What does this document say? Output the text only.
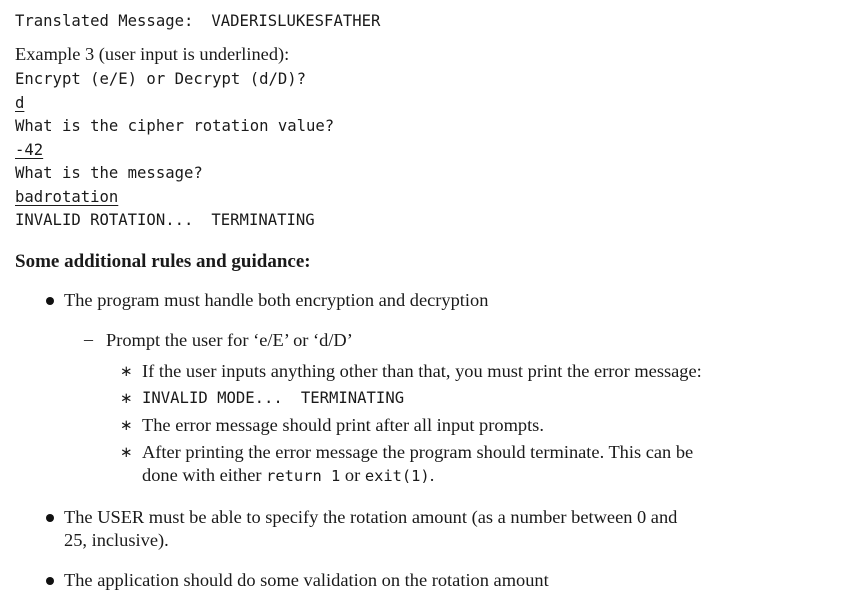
Translated Message: VADERISLUKESFATHER
Example 3 (user input is underlined):
Encrypt (e/E) or Decrypt (d/D)?
d
What is the cipher rotation value?
-42
What is the message?
badrotation
INVALID ROTATION... TERMINATING
Some additional rules and guidance:
The program must handle both encryption and decryption
– Prompt the user for ‘e/E’ or ‘d/D’
∗ If the user inputs anything other than that, you must print the error message:
∗ INVALID MODE... TERMINATING
∗ The error message should print after all input prompts.
∗ After printing the error message the program should terminate. This can be
done with either return 1 or exit(1).
The USER must be able to specify the rotation amount (as a number between 0 and
25, inclusive).
The application should do some validation on the rotation amount
